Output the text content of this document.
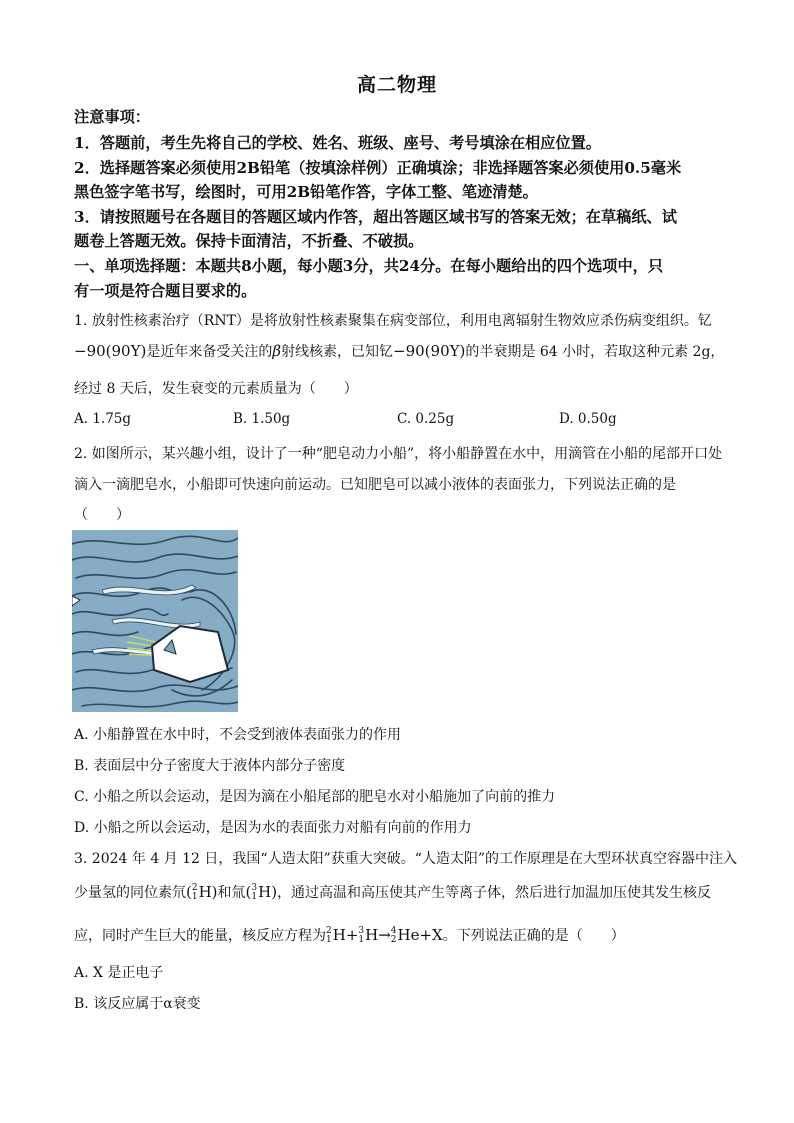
高二物理
注意事项：
1．答题前，考生先将自己的学校、姓名、班级、座号、考号填涂在相应位置。
2．选择题答案必须使用2B铅笔（按填涂样例）正确填涂；非选择题答案必须使用0.5毫米
黑色签字笔书写，绘图时，可用2B铅笔作答，字体工整、笔迹清楚。
3．请按照题号在各题目的答题区域内作答，超出答题区域书写的答案无效；在草稿纸、试
题卷上答题无效。保持卡面清洁，不折叠、不破损。
一、单项选择题：本题共8小题，每小题3分，共24分。在每小题给出的四个选项中，只
有一项是符合题目要求的。
1. 放射性核素治疗（RNT）是将放射性核素聚集在病变部位，利用电离辐射生物效应杀伤病变组织。钇
−90(90Y)是近年来备受关注的β射线核素，已知钇−90(90Y)的半衰期是 64 小时，若取这种元素 2g，
经过 8 天后，发生衰变的元素质量为（　　）
A. 1.75g	B. 1.50g	C. 0.25g	D. 0.50g
2. 如图所示，某兴趣小组，设计了一种“肥皂动力小船”，将小船静置在水中，用滴管在小船的尾部开口处
滴入一滴肥皂水，小船即可快速向前运动。已知肥皂可以减小液体的表面张力，下列说法正确的是
（　　）
A. 小船静置在水中时，不会受到液体表面张力的作用
B. 表面层中分子密度大于液体内部分子密度
C. 小船之所以会运动，是因为滴在小船尾部的肥皂水对小船施加了向前的推力
D. 小船之所以会运动，是因为水的表面张力对船有向前的作用力
3. 2024 年 4 月 12 日，我国“人造太阳”获重大突破。“人造太阳”的工作原理是在大型环状真空容器中注入
少量氢的同位素氘(2
1H)和氚(3
1H)，通过高温和高压使其产生等离子体，然后进行加温加压使其发生核反
应，同时产生巨大的能量，核反应方程为2
1H+3
1H→4
2He+X。下列说法正确的是（　　）
A. X 是正电子
B. 该反应属于α衰变
